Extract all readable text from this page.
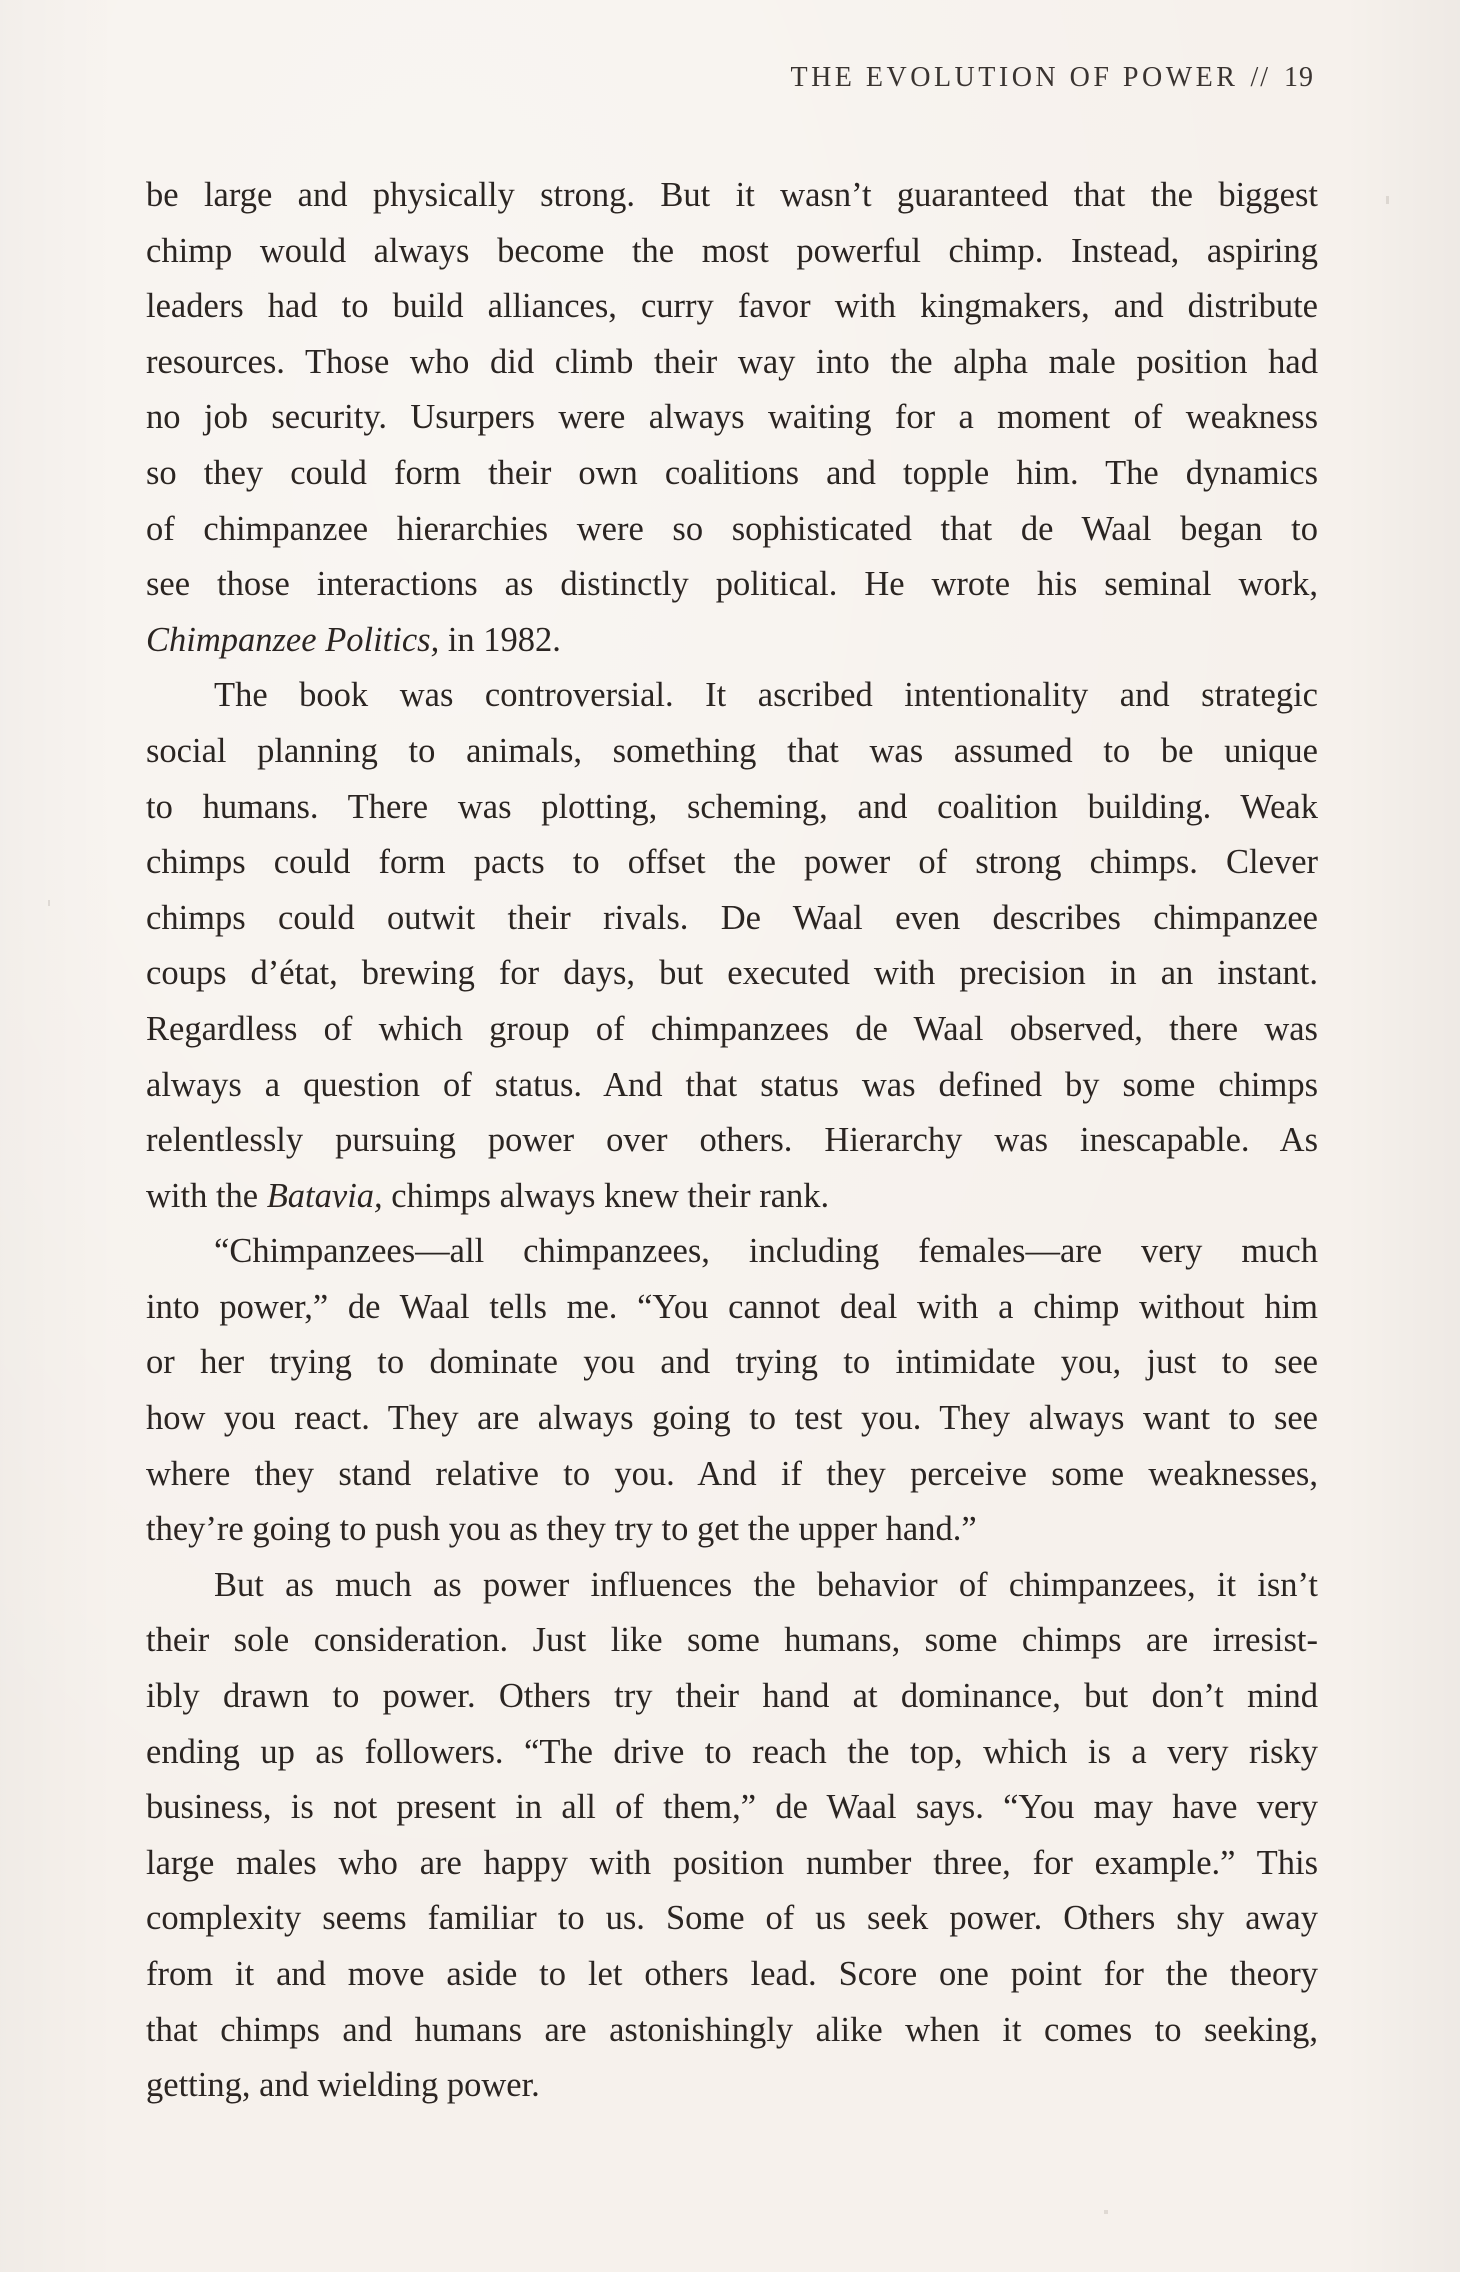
THE EVOLUTION OF POWER // 19
be large and physically strong. But it wasn’t guaranteed that the biggest
chimp would always become the most powerful chimp. Instead, aspiring
leaders had to build alliances, curry favor with kingmakers, and distribute
resources. Those who did climb their way into the alpha male position had
no job security. Usurpers were always waiting for a moment of weakness
so they could form their own coalitions and topple him. The dynamics
of chimpanzee hierarchies were so sophisticated that de Waal began to
see those interactions as distinctly political. He wrote his seminal work,
Chimpanzee Politics, in 1982.
The book was controversial. It ascribed intentionality and strategic
social planning to animals, something that was assumed to be unique
to humans. There was plotting, scheming, and coalition building. Weak
chimps could form pacts to offset the power of strong chimps. Clever
chimps could outwit their rivals. De Waal even describes chimpanzee
coups d’état, brewing for days, but executed with precision in an instant.
Regardless of which group of chimpanzees de Waal observed, there was
always a question of status. And that status was defined by some chimps
relentlessly pursuing power over others. Hierarchy was inescapable. As
with the Batavia, chimps always knew their rank.
“Chimpanzees—all chimpanzees, including females—are very much
into power,” de Waal tells me. “You cannot deal with a chimp without him
or her trying to dominate you and trying to intimidate you, just to see
how you react. They are always going to test you. They always want to see
where they stand relative to you. And if they perceive some weaknesses,
they’re going to push you as they try to get the upper hand.”
But as much as power influences the behavior of chimpanzees, it isn’t
their sole consideration. Just like some humans, some chimps are irresist-
ibly drawn to power. Others try their hand at dominance, but don’t mind
ending up as followers. “The drive to reach the top, which is a very risky
business, is not present in all of them,” de Waal says. “You may have very
large males who are happy with position number three, for example.” This
complexity seems familiar to us. Some of us seek power. Others shy away
from it and move aside to let others lead. Score one point for the theory
that chimps and humans are astonishingly alike when it comes to seeking,
getting, and wielding power.
